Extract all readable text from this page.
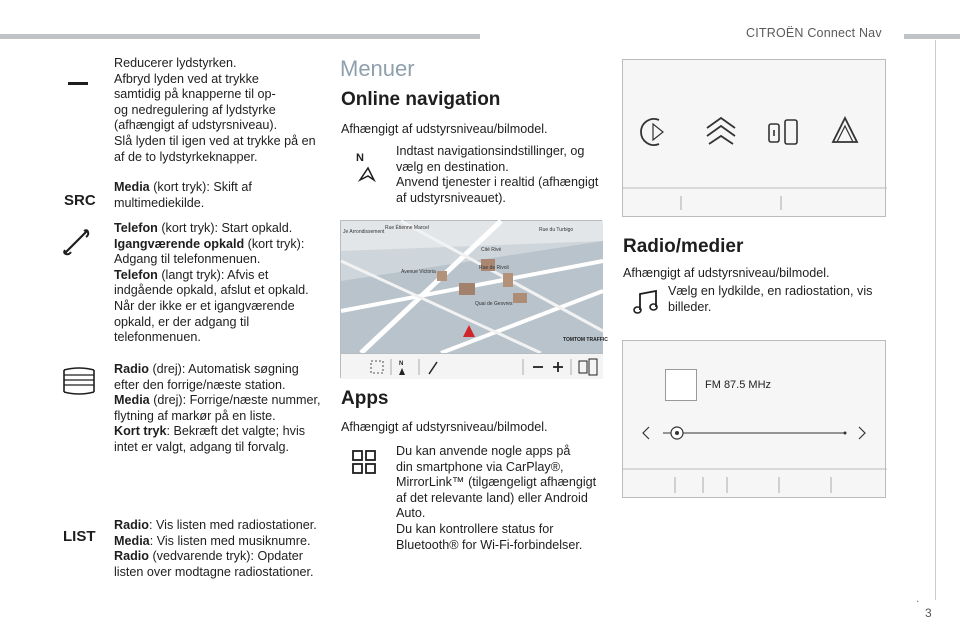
CITROËN Connect Nav
Reducerer lydstyrken.
Afbryd lyden ved at trykke
samtidig på knapperne til op-
og nedregulering af lydstyrke
(afhængigt af udstyrsniveau).
Slå lyden til igen ved at trykke på en
af de to lydstyrkeknapper.
SRC
Media (kort tryk): Skift af
multimediekilde.
Telefon (kort tryk): Start opkald.
Igangværende opkald (kort tryk):
Adgang til telefonmenuen.
Telefon (langt tryk): Afvis et
indgående opkald, afslut et opkald.
Når der ikke er et igangværende
opkald, er der adgang til
telefonmenuen.
Radio (drej): Automatisk søgning
efter den forrige/næste station.
Media (drej): Forrige/næste nummer,
flytning af markør på en liste.
Kort tryk: Bekræft det valgte; hvis
intet er valgt, adgang til forvalg.
LIST
Radio: Vis listen med radiostationer.
Media: Vis listen med musiknumre.
Radio (vedvarende tryk): Opdater
listen over modtagne radiostationer.
Menuer
Online navigation
Afhængigt af udstyrsniveau/bilmodel.
N	Indtast navigationsindstillinger, og
vælg en destination.
Anvend tjenester i realtid (afhængigt
af udstyrsniveauet).
Je Arrondissement
Rue Étienne Marcel	Rue du Turbigo
Cité Rivé
Avenue Victoria
Rue de Rivoli
Quai de Gesvres
TOMTOM TRAFFIC
N
Apps
Afhængigt af udstyrsniveau/bilmodel.
Du kan anvende nogle apps på
din smartphone via CarPlay®,
MirrorLink™ (tilgængeligt afhængigt
af det relevante land) eller Android
Auto.
Du kan kontrollere status for
Bluetooth® for Wi-Fi-forbindelser.
Radio/medier
Afhængigt af udstyrsniveau/bilmodel.
Vælg en lydkilde, en radiostation, vis
billeder.
FM 87.5 MHz
.
3
